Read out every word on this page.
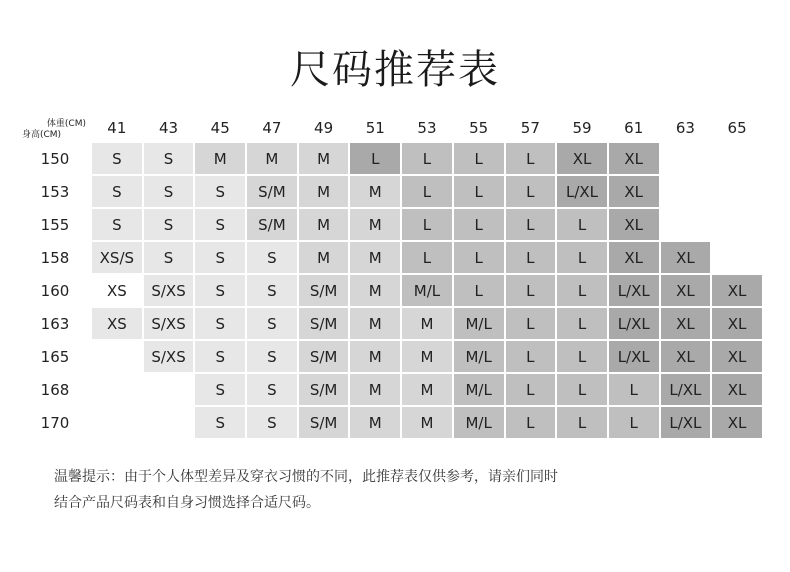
尺码推荐表
体重(CM)
身高(CM)	41	43	45	47	49	51	53	55	57	59	61	63	65
150	S	S	M	M	M	L	L	L	L	XL	XL		
153	S	S	S	S/M	M	M	L	L	L	L/XL	XL		
155	S	S	S	S/M	M	M	L	L	L	L	XL		
158	XS/S	S	S	S	M	M	L	L	L	L	XL	XL	
160	XS	S/XS	S	S	S/M	M	M/L	L	L	L	L/XL	XL	XL
163	XS	S/XS	S	S	S/M	M	M	M/L	L	L	L/XL	XL	XL
165		S/XS	S	S	S/M	M	M	M/L	L	L	L/XL	XL	XL
168			S	S	S/M	M	M	M/L	L	L	L	L/XL	XL
170			S	S	S/M	M	M	M/L	L	L	L	L/XL	XL
温馨提示：由于个人体型差异及穿衣习惯的不同，此推荐表仅供参考，请亲们同时
结合产品尺码表和自身习惯选择合适尺码。
